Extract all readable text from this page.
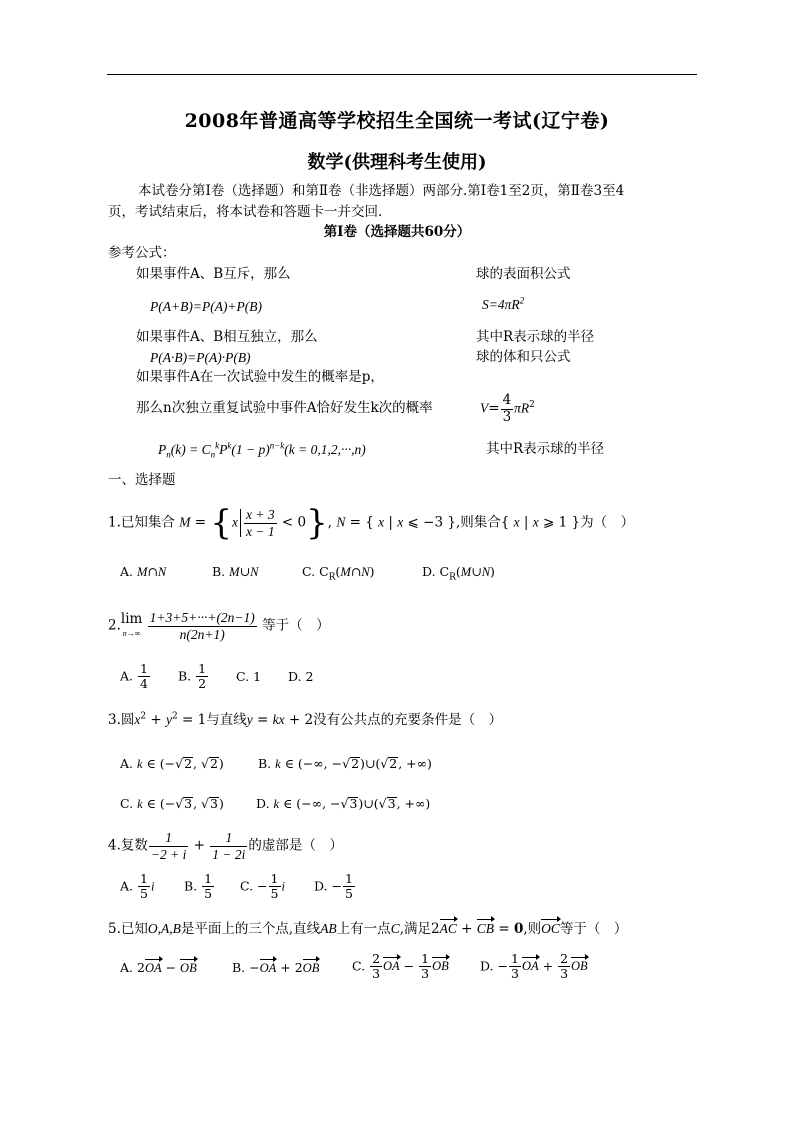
2008年普通高等学校招生全国统一考试(辽宁卷)
数学(供理科考生使用)
本试卷分第Ⅰ卷（选择题）和第Ⅱ卷（非选择题）两部分.第Ⅰ卷1至2页，第Ⅱ卷3至4
页，考试结束后，将本试卷和答题卡一并交回.
第Ⅰ卷（选择题共60分）
参考公式：
如果事件A、B互斥，那么
P(A+B)=P(A)+P(B)
如果事件A、B相互独立，那么
P(A·B)=P(A)·P(B)
如果事件A在一次试验中发生的概率是p，
那么n次独立重复试验中事件A恰好发生k次的概率
$P_n(k) = C_n^kP^k(1 - p)^{n-k}(k = 0,1,2,\cdot\cdot\cdot,n)$
球的表面积公式
$S=4\pi R^2$
其中R表示球的半径
球的体和只公式
$V= \frac{4}{3} \pi R^2$
其中R表示球的半径
一、选择题
1.已知集合 $M = \{x \frac{x + 3}{x - 1} < 0\}$, N = { x | x ⩽ −3 },则集合{ x | x ⩾ 1 }为（　）
A. M∩N	B. M∪N	C. $C_R(M\cap N)$	D. $C_R(M\cup N)$
2.lim
$n\to\infty \frac{1+3+5+\cdot\cdot\cdot+(2n-1)}{n(2n+1)}$ 等于（　）
A. $\frac{1}{4} B$. $\frac{1}{2} C$. 1 D. 2
3.圆$x^2 + y^2 = 1$与直线y = kx + 2没有公共点的充要条件是（　）
A. k ∈ (−√2, √2)	B. k ∈ (−∞, −√2)∪(√2, +∞)
C. k ∈ (−√3, √3)	D. k ∈ (−∞, −√3)∪(√3, +∞)
4.复数 $\frac{1}{-2 + i} + \frac{1}{1 - 2i}$ 的虚部是（　）
A. $\frac{1}{5}$ i B. $\frac{1}{5} C$. − $\frac{1}{5}$ i D. − $\frac{1}{5}$
5.已知O,A,B是平面上的三个点,直线AB上有一点C,满足2AC + CB = 0,则OC等于（　）
A. 2OA − OB	B. −OA + 2OB	C. $\frac{2}{3}$ OA − $\frac{1}{3}$ OB	D. − $\frac{1}{3}$ OA + $\frac{2}{3}$ OB
